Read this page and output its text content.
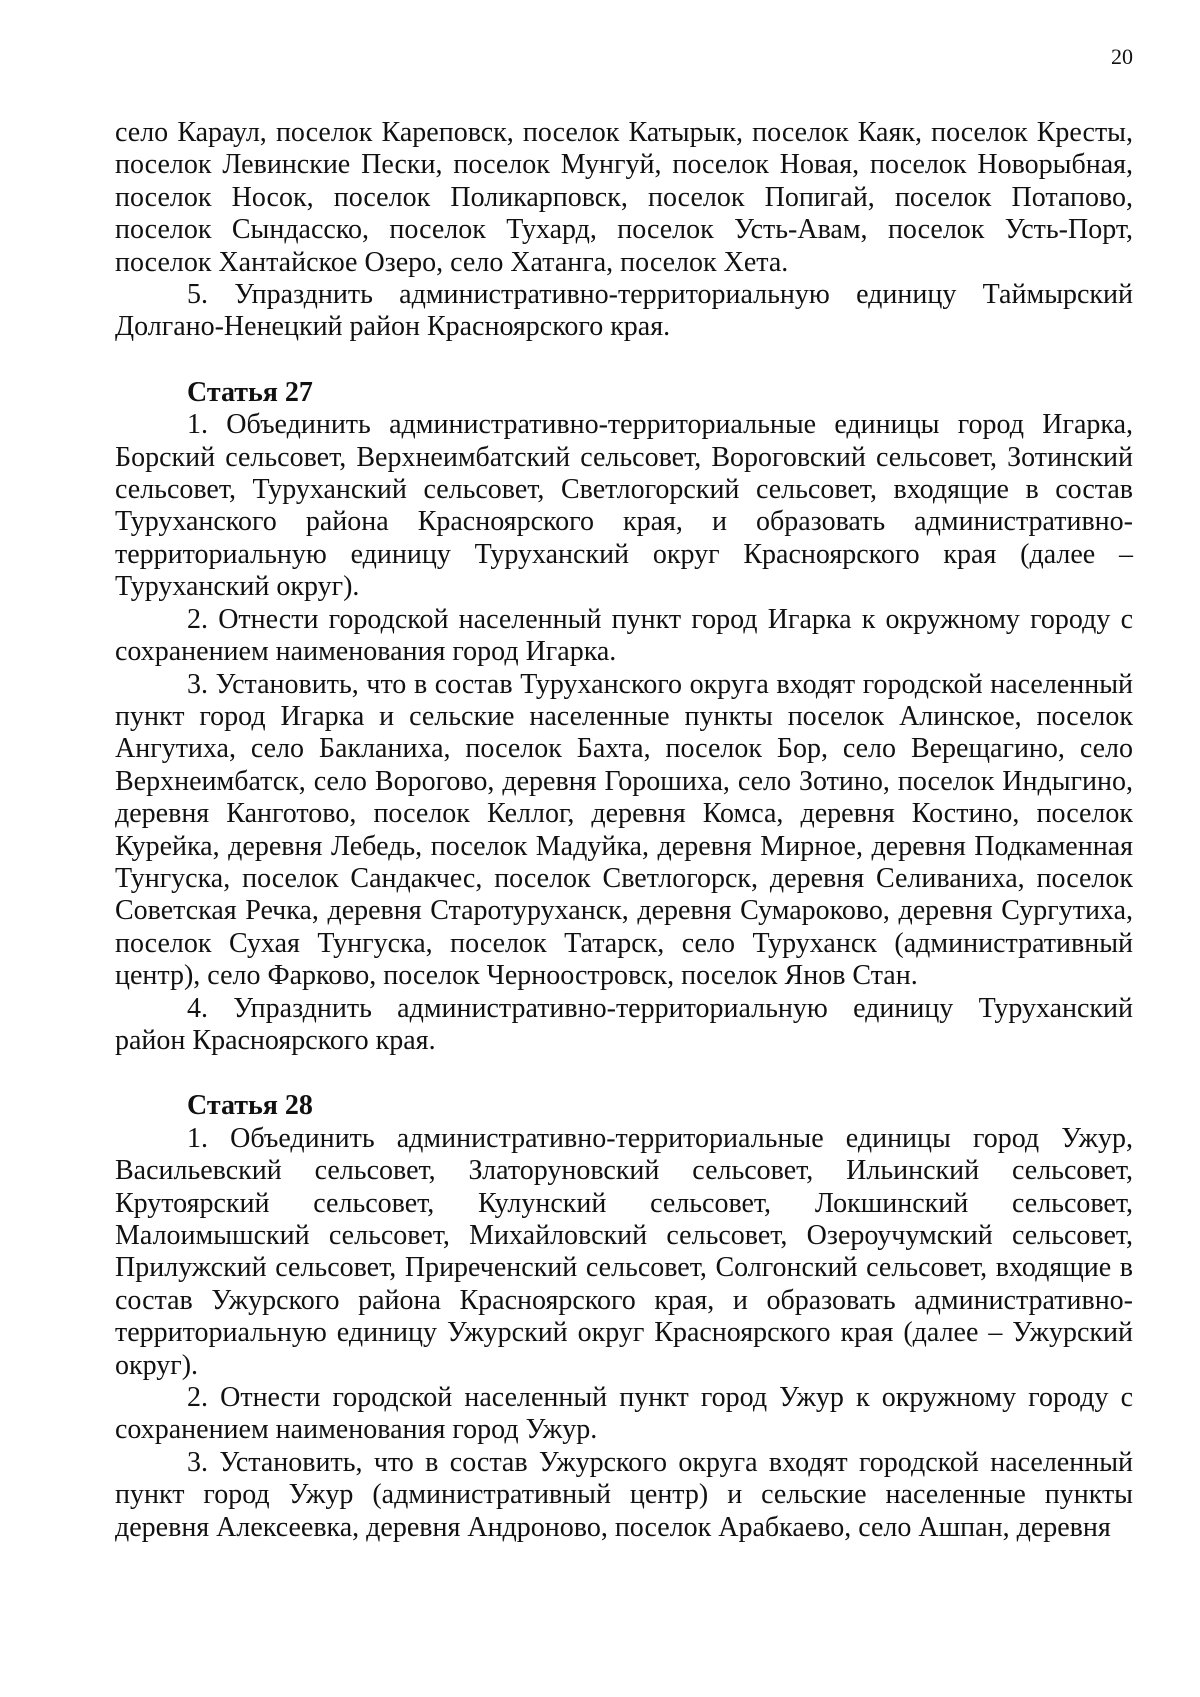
20

село Караул, поселок Кареповск, поселок Катырык, поселок Каяк, поселок Кресты, поселок Левинские Пески, поселок Мунгуй, поселок Новая, поселок Новорыбная, поселок Носок, поселок Поликарповск, поселок Попигай, поселок Потапово, поселок Сындасско, поселок Тухард, поселок Усть-Авам, поселок Усть-Порт, поселок Хантайское Озеро, село Хатанга, поселок Хета.

5. Упразднить административно-территориальную единицу Таймырский Долгано-Ненецкий район Красноярского края.

Статья 27

1. Объединить административно-территориальные единицы город Игарка, Борский сельсовет, Верхнеимбатский сельсовет, Вороговский сельсовет, Зотинский сельсовет, Туруханский сельсовет, Светлогорский сельсовет, входящие в состав Туруханского района Красноярского края, и образовать административно-территориальную единицу Туруханский округ Красноярского края (далее – Туруханский округ).

2. Отнести городской населенный пункт город Игарка к окружному городу с сохранением наименования город Игарка.

3. Установить, что в состав Туруханского округа входят городской населенный пункт город Игарка и сельские населенные пункты поселок Алинское, поселок Ангутиха, село Бакланиха, поселок Бахта, поселок Бор, село Верещагино, село Верхнеимбатск, село Ворогово, деревня Горошиха, село Зотино, поселок Индыгино, деревня Канготово, поселок Келлог, деревня Комса, деревня Костино, поселок Курейка, деревня Лебедь, поселок Мадуйка, деревня Мирное, деревня Подкаменная Тунгуска, поселок Сандакчес, поселок Светлогорск, деревня Селиваниха, поселок Советская Речка, деревня Старотуруханск, деревня Сумароково, деревня Сургутиха, поселок Сухая Тунгуска, поселок Татарск, село Туруханск (административный центр), село Фарково, поселок Черноостровск, поселок Янов Стан.

4. Упразднить административно-территориальную единицу Туруханский район Красноярского края.

Статья 28

1. Объединить административно-территориальные единицы город Ужур, Васильевский сельсовет, Златоруновский сельсовет, Ильинский сельсовет, Крутоярский сельсовет, Кулунский сельсовет, Локшинский сельсовет, Малоимышский сельсовет, Михайловский сельсовет, Озероучумский сельсовет, Прилужский сельсовет, Приреченский сельсовет, Солгонский сельсовет, входящие в состав Ужурского района Красноярского края, и образовать административно-территориальную единицу Ужурский округ Красноярского края (далее – Ужурский округ).

2. Отнести городской населенный пункт город Ужур к окружному городу с сохранением наименования город Ужур.

3. Установить, что в состав Ужурского округа входят городской населенный пункт город Ужур (административный центр) и сельские населенные пункты деревня Алексеевка, деревня Андроново, поселок Арабкаево, село Ашпан, деревня
